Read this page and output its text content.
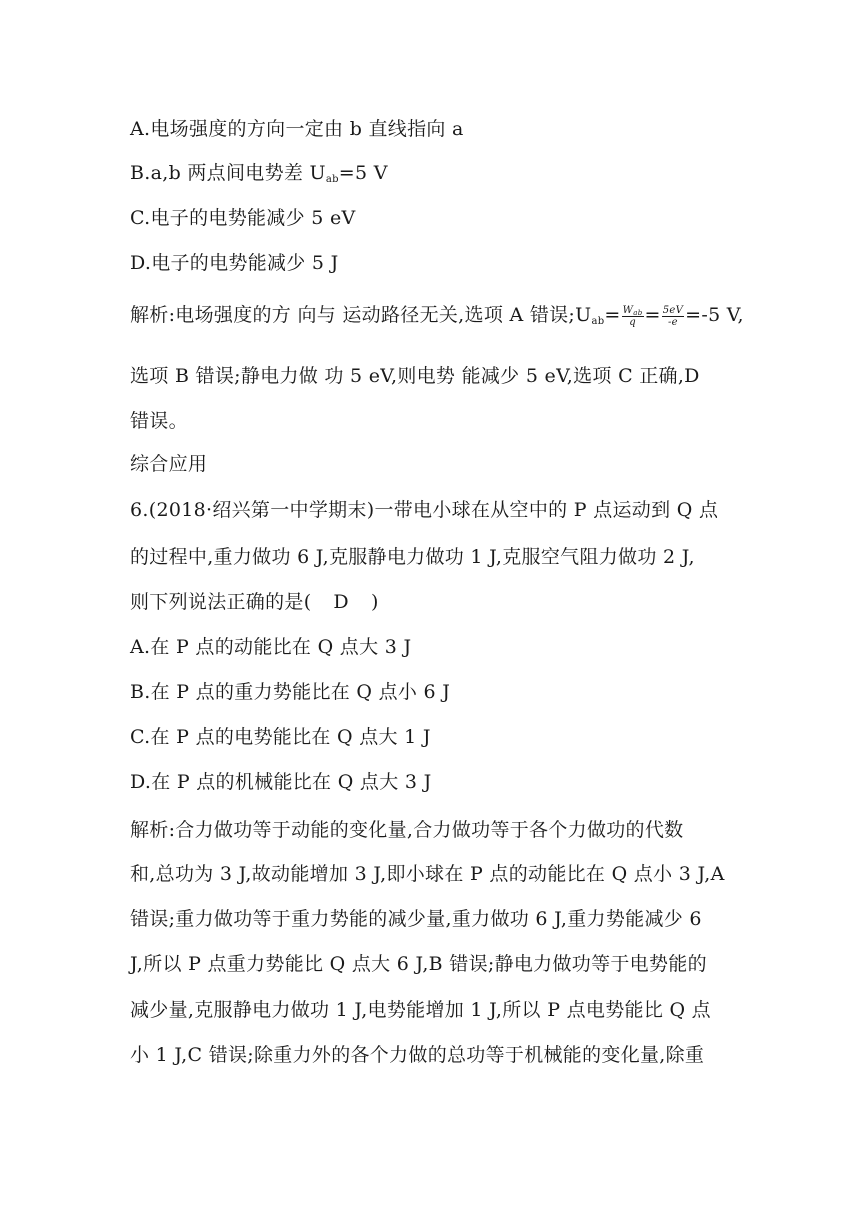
A.电场强度的方向一定由 b 直线指向 a
B.a,b 两点间电势差 $U_{ab}=5$ V
C.电子的电势能减少 5 eV
D.电子的电势能减少 5 J
解析:电场强度的方 向与 运动路径无关,选项 A 错误$;U_{ab}= \frac{W_{ab}}{q} = \frac{5eV}{-e} =-5$ V,
选项 B 错误;静电力做 功 5 eV,则电势 能减少 5 eV,选项 C 正确,D
错误。
综合应用
6.(2018·绍兴第一中学期末)一带电小球在从空中的 P 点运动到 Q 点
的过程中,重力做功 6 J,克服静电力做功 1 J,克服空气阻力做功 2 J,
则下列说法正确的是( D )
A.在 P 点的动能比在 Q 点大 3 J
B.在 P 点的重力势能比在 Q 点小 6 J
C.在 P 点的电势能比在 Q 点大 1 J
D.在 P 点的机械能比在 Q 点大 3 J
解析:合力做功等于动能的变化量,合力做功等于各个力做功的代数
和,总功为 3 J,故动能增加 3 J,即小球在 P 点的动能比在 Q 点小 3 J,A
错误;重力做功等于重力势能的减少量,重力做功 6 J,重力势能减少 6
J,所以 P 点重力势能比 Q 点大 6 J,B 错误;静电力做功等于电势能的
减少量,克服静电力做功 1 J,电势能增加 1 J,所以 P 点电势能比 Q 点
小 1 J,C 错误;除重力外的各个力做的总功等于机械能的变化量,除重
